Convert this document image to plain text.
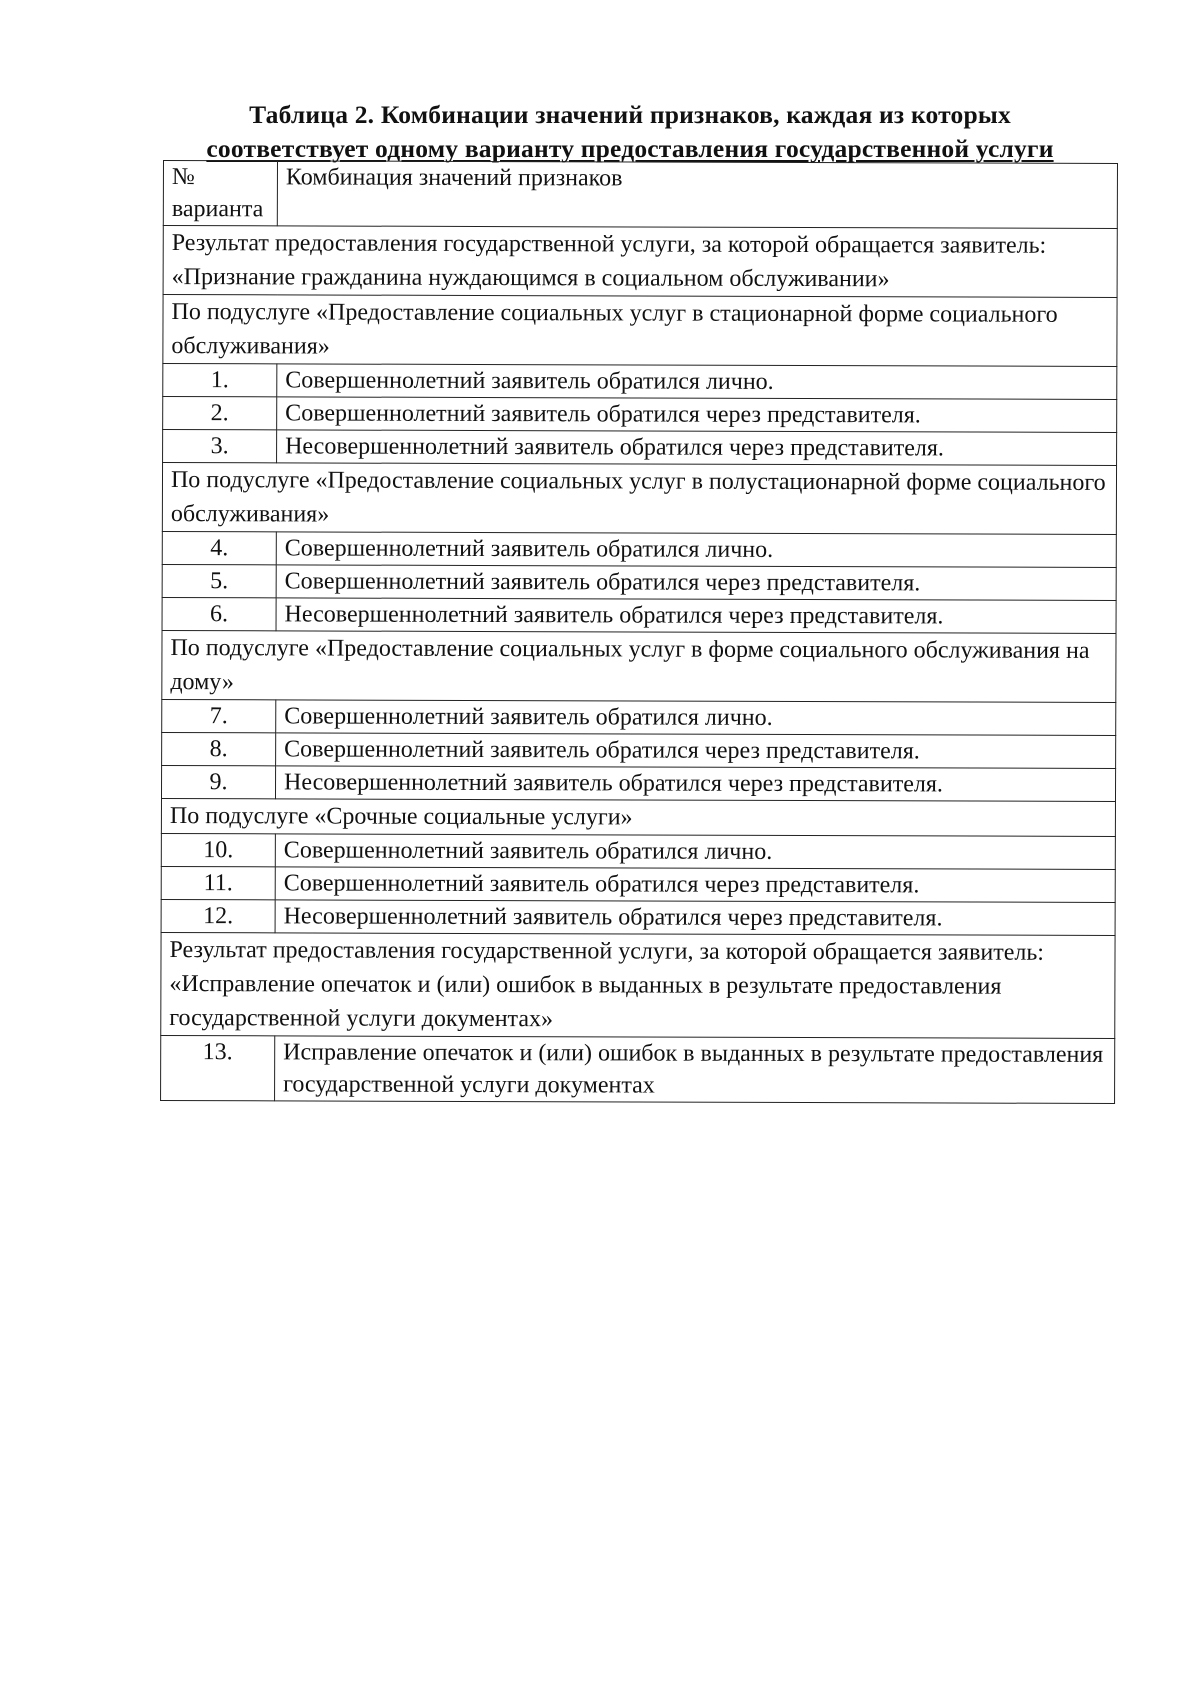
Таблица 2. Комбинации значений признаков, каждая из которых
соответствует одному варианту предоставления государственной услуги
№
варианта	Комбинация значений признаков
Результат предоставления государственной услуги, за которой обращается заявитель: «Признание гражданина нуждающимся в социальном обслуживании»	
По подуслуге «Предоставление социальных услуг в стационарной форме социального обслуживания»	
1.	Совершеннолетний заявитель обратился лично.
2.	Совершеннолетний заявитель обратился через представителя.
3.	Несовершеннолетний заявитель обратился через представителя.
По подуслуге «Предоставление социальных услуг в полустационарной форме социального обслуживания»	
4.	Совершеннолетний заявитель обратился лично.
5.	Совершеннолетний заявитель обратился через представителя.
6.	Несовершеннолетний заявитель обратился через представителя.
По подуслуге «Предоставление социальных услуг в форме социального обслуживания на дому»	
7.	Совершеннолетний заявитель обратился лично.
8.	Совершеннолетний заявитель обратился через представителя.
9.	Несовершеннолетний заявитель обратился через представителя.
По подуслуге «Срочные социальные услуги»	
10.	Совершеннолетний заявитель обратился лично.
11.	Совершеннолетний заявитель обратился через представителя.
12.	Несовершеннолетний заявитель обратился через представителя.
Результат предоставления государственной услуги, за которой обращается заявитель: «Исправление опечаток и (или) ошибок в выданных в результате предоставления государственной услуги документах»	
13.	Исправление опечаток и (или) ошибок в выданных в результате предоставления государственной услуги документах
